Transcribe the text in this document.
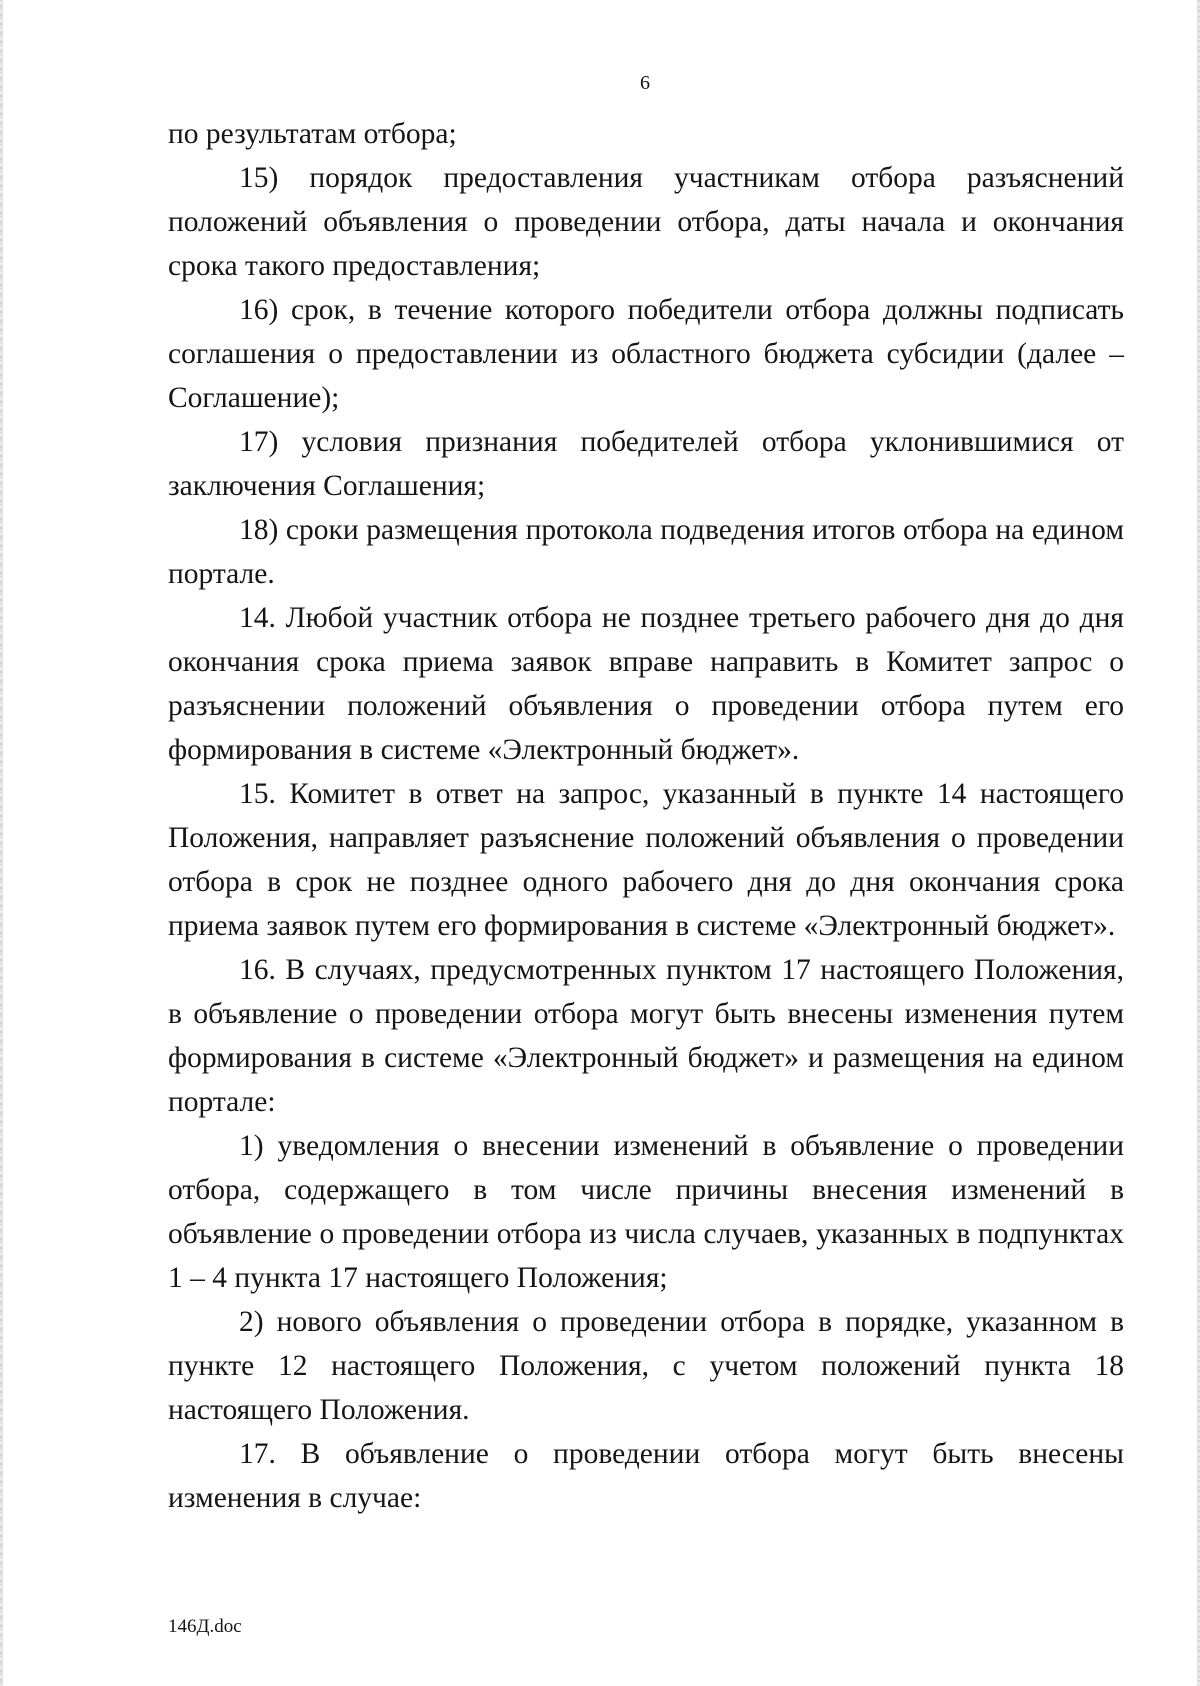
6

по результатам отбора;

15) порядок предоставления участникам отбора разъяснений положений объявления о проведении отбора, даты начала и окончания срока такого предоставления;

16) срок, в течение которого победители отбора должны подписать соглашения о предоставлении из областного бюджета субсидии (далее – Соглашение);

17) условия признания победителей отбора уклонившимися от заключения Соглашения;

18) сроки размещения протокола подведения итогов отбора на едином портале.

14. Любой участник отбора не позднее третьего рабочего дня до дня окончания срока приема заявок вправе направить в Комитет запрос о разъяснении положений объявления о проведении отбора путем его формирования в системе «Электронный бюджет».

15. Комитет в ответ на запрос, указанный в пункте 14 настоящего Положения, направляет разъяснение положений объявления о проведении отбора в срок не позднее одного рабочего дня до дня окончания срока приема заявок путем его формирования в системе «Электронный бюджет».

16. В случаях, предусмотренных пунктом 17 настоящего Положения, в объявление о проведении отбора могут быть внесены изменения путем формирования в системе «Электронный бюджет» и размещения на едином портале:

1) уведомления о внесении изменений в объявление о проведении отбора, содержащего в том числе причины внесения изменений в объявление о проведении отбора из числа случаев, указанных в подпунктах 1 – 4 пункта 17 настоящего Положения;

2) нового объявления о проведении отбора в порядке, указанном в пункте 12 настоящего Положения, с учетом положений пункта 18 настоящего Положения.

17. В объявление о проведении отбора могут быть внесены изменения в случае:

146Д.doc
